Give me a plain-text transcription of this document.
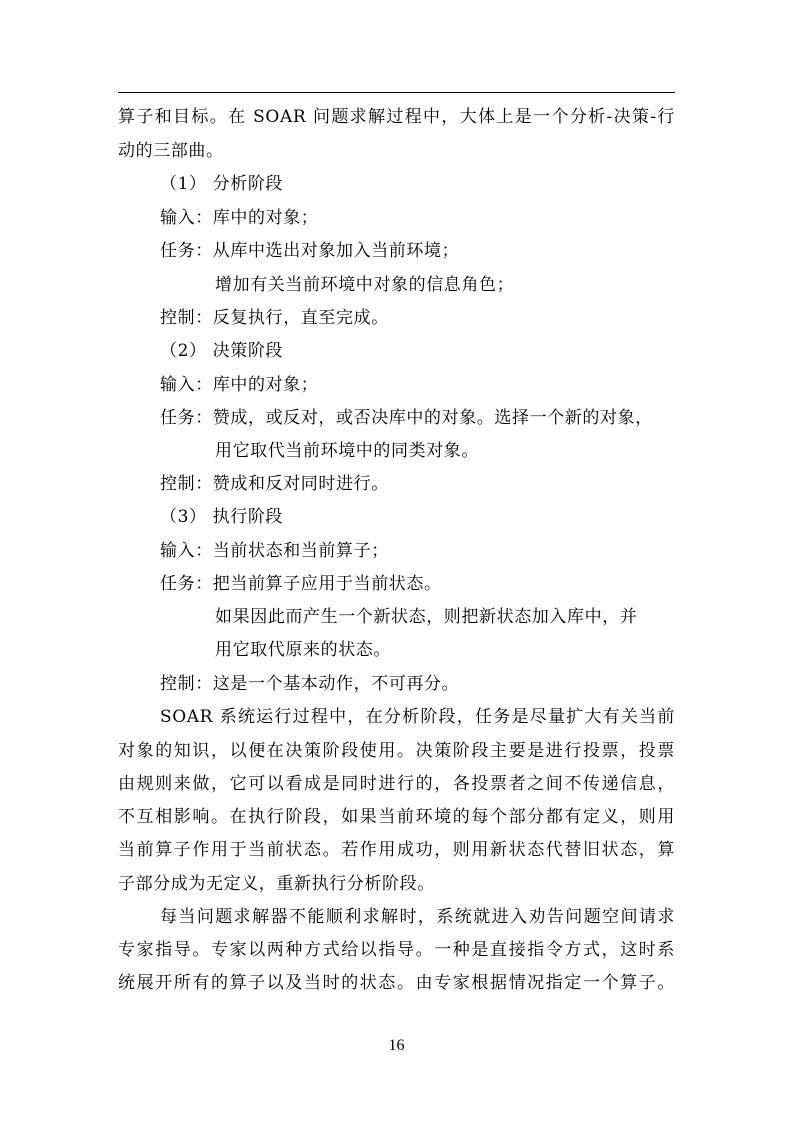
算子和目标。在 SOAR 问题求解过程中，大体上是一个分析-决策-行
动的三部曲。
（1） 分析阶段
输入：库中的对象；
任务：从库中选出对象加入当前环境；
增加有关当前环境中对象的信息角色；
控制：反复执行，直至完成。
（2） 决策阶段
输入：库中的对象；
任务：赞成，或反对，或否决库中的对象。选择一个新的对象，
用它取代当前环境中的同类对象。
控制：赞成和反对同时进行。
（3） 执行阶段
输入：当前状态和当前算子；
任务：把当前算子应用于当前状态。
如果因此而产生一个新状态，则把新状态加入库中，并
用它取代原来的状态。
控制：这是一个基本动作，不可再分。
SOAR 系统运行过程中，在分析阶段，任务是尽量扩大有关当前
对象的知识，以便在决策阶段使用。决策阶段主要是进行投票，投票
由规则来做，它可以看成是同时进行的，各投票者之间不传递信息，
不互相影响。在执行阶段，如果当前环境的每个部分都有定义，则用
当前算子作用于当前状态。若作用成功，则用新状态代替旧状态，算
子部分成为无定义，重新执行分析阶段。
每当问题求解器不能顺利求解时，系统就进入劝告问题空间请求
专家指导。专家以两种方式给以指导。一种是直接指令方式，这时系
统展开所有的算子以及当时的状态。由专家根据情况指定一个算子。
16
